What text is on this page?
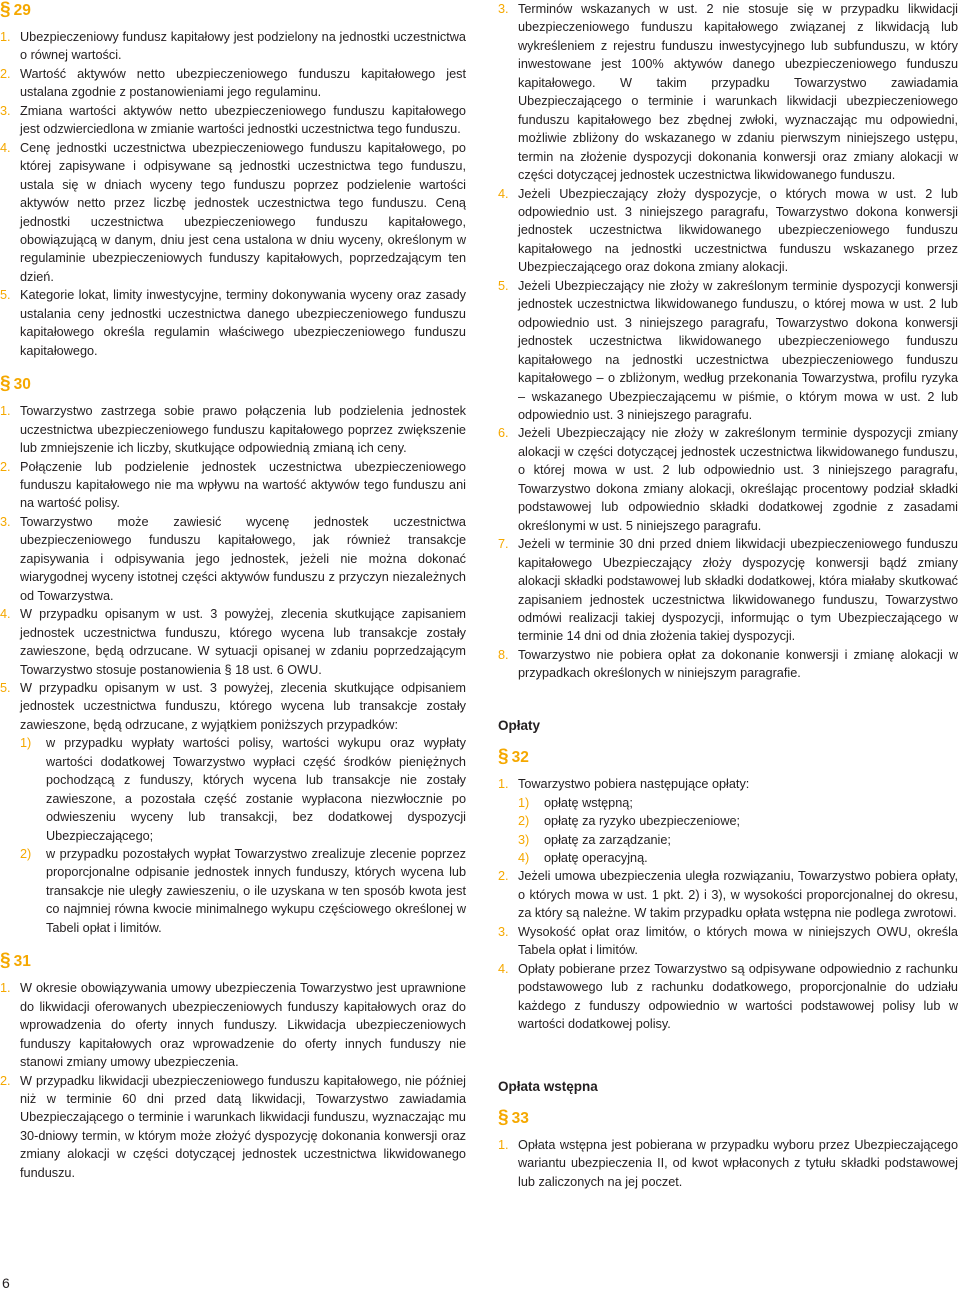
§ 29
1. Ubezpieczeniowy fundusz kapitałowy jest podzielony na jednostki uczestnictwa o równej wartości.
2. Wartość aktywów netto ubezpieczeniowego funduszu kapitałowego jest ustalana zgodnie z postanowieniami jego regulaminu.
3. Zmiana wartości aktywów netto ubezpieczeniowego funduszu kapitałowego jest odzwierciedlona w zmianie wartości jednostki uczestnictwa tego funduszu.
4. Cenę jednostki uczestnictwa ubezpieczeniowego funduszu kapitałowego, po której zapisywane i odpisywane są jednostki uczestnictwa tego funduszu, ustala się w dniach wyceny tego funduszu poprzez podzielenie wartości aktywów netto przez liczbę jednostek uczestnictwa tego funduszu. Ceną jednostki uczestnictwa ubezpieczeniowego funduszu kapitałowego, obowiązującą w danym, dniu jest cena ustalona w dniu wyceny, określonym w regulaminie ubezpieczeniowych funduszy kapitałowych, poprzedzającym ten dzień.
5. Kategorie lokat, limity inwestycyjne, terminy dokonywania wyceny oraz zasady ustalania ceny jednostki uczestnictwa danego ubezpieczeniowego funduszu kapitałowego określa regulamin właściwego ubezpieczeniowego funduszu kapitałowego.
§ 30
1. Towarzystwo zastrzega sobie prawo połączenia lub podzielenia jednostek uczestnictwa ubezpieczeniowego funduszu kapitałowego poprzez zwiększenie lub zmniejszenie ich liczby, skutkujące odpowiednią zmianą ich ceny.
2. Połączenie lub podzielenie jednostek uczestnictwa ubezpieczeniowego funduszu kapitałowego nie ma wpływu na wartość aktywów tego funduszu ani na wartość polisy.
3. Towarzystwo może zawiesić wycenę jednostek uczestnictwa ubezpieczeniowego funduszu kapitałowego, jak również transakcje zapisywania i odpisywania jego jednostek, jeżeli nie można dokonać wiarygodnej wyceny istotnej części aktywów funduszu z przyczyn niezależnych od Towarzystwa.
4. W przypadku opisanym w ust. 3 powyżej, zlecenia skutkujące zapisaniem jednostek uczestnictwa funduszu, którego wycena lub transakcje zostały zawieszone, będą odrzucane. W sytuacji opisanej w zdaniu poprzedzającym Towarzystwo stosuje postanowienia § 18 ust. 6 OWU.
5. W przypadku opisanym w ust. 3 powyżej, zlecenia skutkujące odpisaniem jednostek uczestnictwa funduszu, którego wycena lub transakcje zostały zawieszone, będą odrzucane, z wyjątkiem poniższych przypadków:
1)	w przypadku wypłaty wartości polisy, wartości wykupu oraz wypłaty wartości dodatkowej Towarzystwo wypłaci część środków pieniężnych pochodzącą z funduszy, których wycena lub transakcje nie zostały zawieszone, a pozostała część zostanie wypłacona niezwłocznie po odwieszeniu wyceny lub transakcji, bez dodatkowej dyspozycji Ubezpieczającego;
2)	w przypadku pozostałych wypłat Towarzystwo zrealizuje zlecenie poprzez proporcjonalne odpisanie jednostek innych funduszy, których wycena lub transakcje nie uległy zawieszeniu, o ile uzyskana w ten sposób kwota jest co najmniej równa kwocie minimalnego wykupu częściowego określonej w Tabeli opłat i limitów.
§ 31
1. W okresie obowiązywania umowy ubezpieczenia Towarzystwo jest uprawnione do likwidacji oferowanych ubezpieczeniowych funduszy kapitałowych oraz do wprowadzenia do oferty innych funduszy. Likwidacja ubezpieczeniowych funduszy kapitałowych oraz wprowadzenie do oferty innych funduszy nie stanowi zmiany umowy ubezpieczenia.
2. W przypadku likwidacji ubezpieczeniowego funduszu kapitałowego, nie później niż w terminie 60 dni przed datą likwidacji, Towarzystwo zawiadamia Ubezpieczającego o terminie i warunkach likwidacji funduszu, wyznaczając mu 30-dniowy termin, w którym może złożyć dyspozycję dokonania konwersji oraz zmiany alokacji w części dotyczącej jednostek uczestnictwa likwidowanego funduszu.
3. Terminów wskazanych w ust. 2 nie stosuje się w przypadku likwidacji ubezpieczeniowego funduszu kapitałowego związanej z likwidacją lub wykreśleniem z rejestru funduszu inwestycyjnego lub subfunduszu, w który inwestowane jest 100% aktywów danego ubezpieczeniowego funduszu kapitałowego. W takim przypadku Towarzystwo zawiadamia Ubezpieczającego o terminie i warunkach likwidacji ubezpieczeniowego funduszu kapitałowego bez zbędnej zwłoki, wyznaczając mu odpowiedni, możliwie zbliżony do wskazanego w zdaniu pierwszym niniejszego ustępu, termin na złożenie dyspozycji dokonania konwersji oraz zmiany alokacji w części dotyczącej jednostek uczestnictwa likwidowanego funduszu.
4. Jeżeli Ubezpieczający złoży dyspozycje, o których mowa w ust. 2 lub odpowiednio ust. 3 niniejszego paragrafu, Towarzystwo dokona konwersji jednostek uczestnictwa likwidowanego ubezpieczeniowego funduszu kapitałowego na jednostki uczestnictwa funduszu wskazanego przez Ubezpieczającego oraz dokona zmiany alokacji.
5. Jeżeli Ubezpieczający nie złoży w zakreślonym terminie dyspozycji konwersji jednostek uczestnictwa likwidowanego funduszu, o której mowa w ust. 2 lub odpowiednio ust. 3 niniejszego paragrafu, Towarzystwo dokona konwersji jednostek uczestnictwa likwidowanego ubezpieczeniowego funduszu kapitałowego na jednostki uczestnictwa ubezpieczeniowego funduszu kapitałowego – o zbliżonym, według przekonania Towarzystwa, profilu ryzyka – wskazanego Ubezpieczającemu w piśmie, o którym mowa w ust. 2 lub odpowiednio ust. 3 niniejszego paragrafu.
6. Jeżeli Ubezpieczający nie złoży w zakreślonym terminie dyspozycji zmiany alokacji w części dotyczącej jednostek uczestnictwa likwidowanego funduszu, o której mowa w ust. 2 lub odpowiednio ust. 3 niniejszego paragrafu, Towarzystwo dokona zmiany alokacji, określając procentowy podział składki podstawowej lub odpowiednio składki dodatkowej zgodnie z zasadami określonymi w ust. 5 niniejszego paragrafu.
7. Jeżeli w terminie 30 dni przed dniem likwidacji ubezpieczeniowego funduszu kapitałowego Ubezpieczający złoży dyspozycję konwersji bądź zmiany alokacji składki podstawowej lub składki dodatkowej, która miałaby skutkować zapisaniem jednostek uczestnictwa likwidowanego funduszu, Towarzystwo odmówi realizacji takiej dyspozycji, informując o tym Ubezpieczającego w terminie 14 dni od dnia złożenia takiej dyspozycji.
8. Towarzystwo nie pobiera opłat za dokonanie konwersji i zmianę alokacji w przypadkach określonych w niniejszym paragrafie.
Opłaty
§ 32
1. Towarzystwo pobiera następujące opłaty:
1)	opłatę wstępną;
2)	opłatę za ryzyko ubezpieczeniowe;
3)	opłatę za zarządzanie;
4)	opłatę operacyjną.
2. Jeżeli umowa ubezpieczenia uległa rozwiązaniu, Towarzystwo pobiera opłaty, o których mowa w ust. 1 pkt. 2) i 3), w wysokości proporcjonalnej do okresu, za który są należne. W takim przypadku opłata wstępna nie podlega zwrotowi.
3. Wysokość opłat oraz limitów, o których mowa w niniejszych OWU, określa Tabela opłat i limitów.
4. Opłaty pobierane przez Towarzystwo są odpisywane odpowiednio z rachunku podstawowego lub z rachunku dodatkowego, proporcjonalnie do udziału każdego z funduszy odpowiednio w wartości podstawowej polisy lub w wartości dodatkowej polisy.
Opłata wstępna
§ 33
1. Opłata wstępna jest pobierana w przypadku wyboru przez Ubezpieczającego wariantu ubezpieczenia II, od kwot wpłaconych z tytułu składki podstawowej lub zaliczonych na jej poczet.
6
